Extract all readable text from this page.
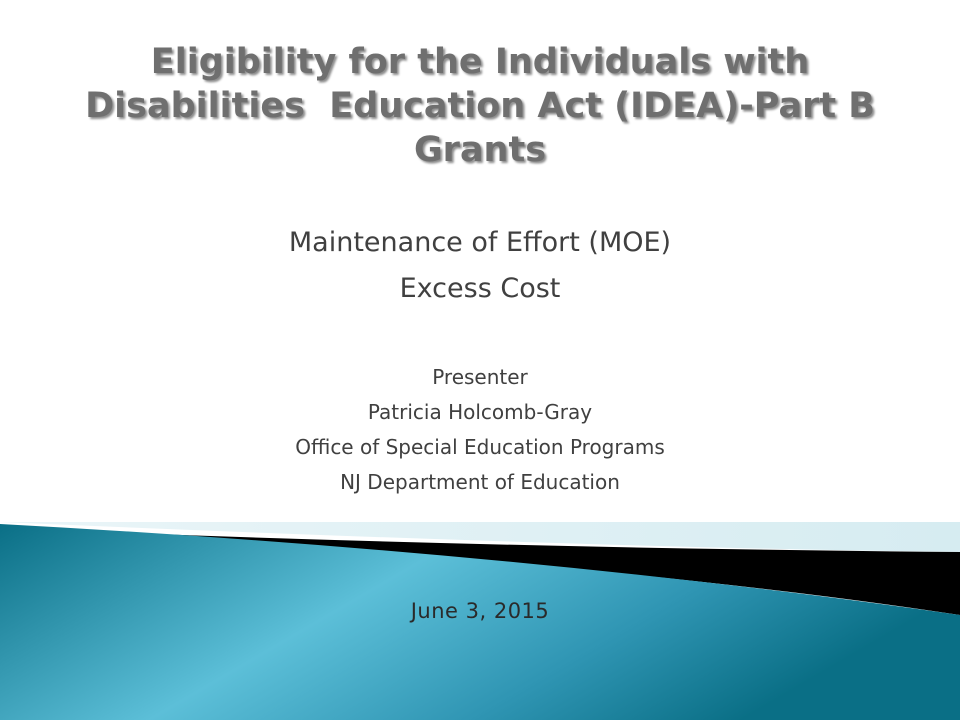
Eligibility for the Individuals with
Disabilities  Education Act (IDEA)-Part B
Grants
Maintenance of Effort (MOE)
Excess Cost
Presenter
Patricia Holcomb-Gray
Office of Special Education Programs
NJ Department of Education
June 3, 2015
